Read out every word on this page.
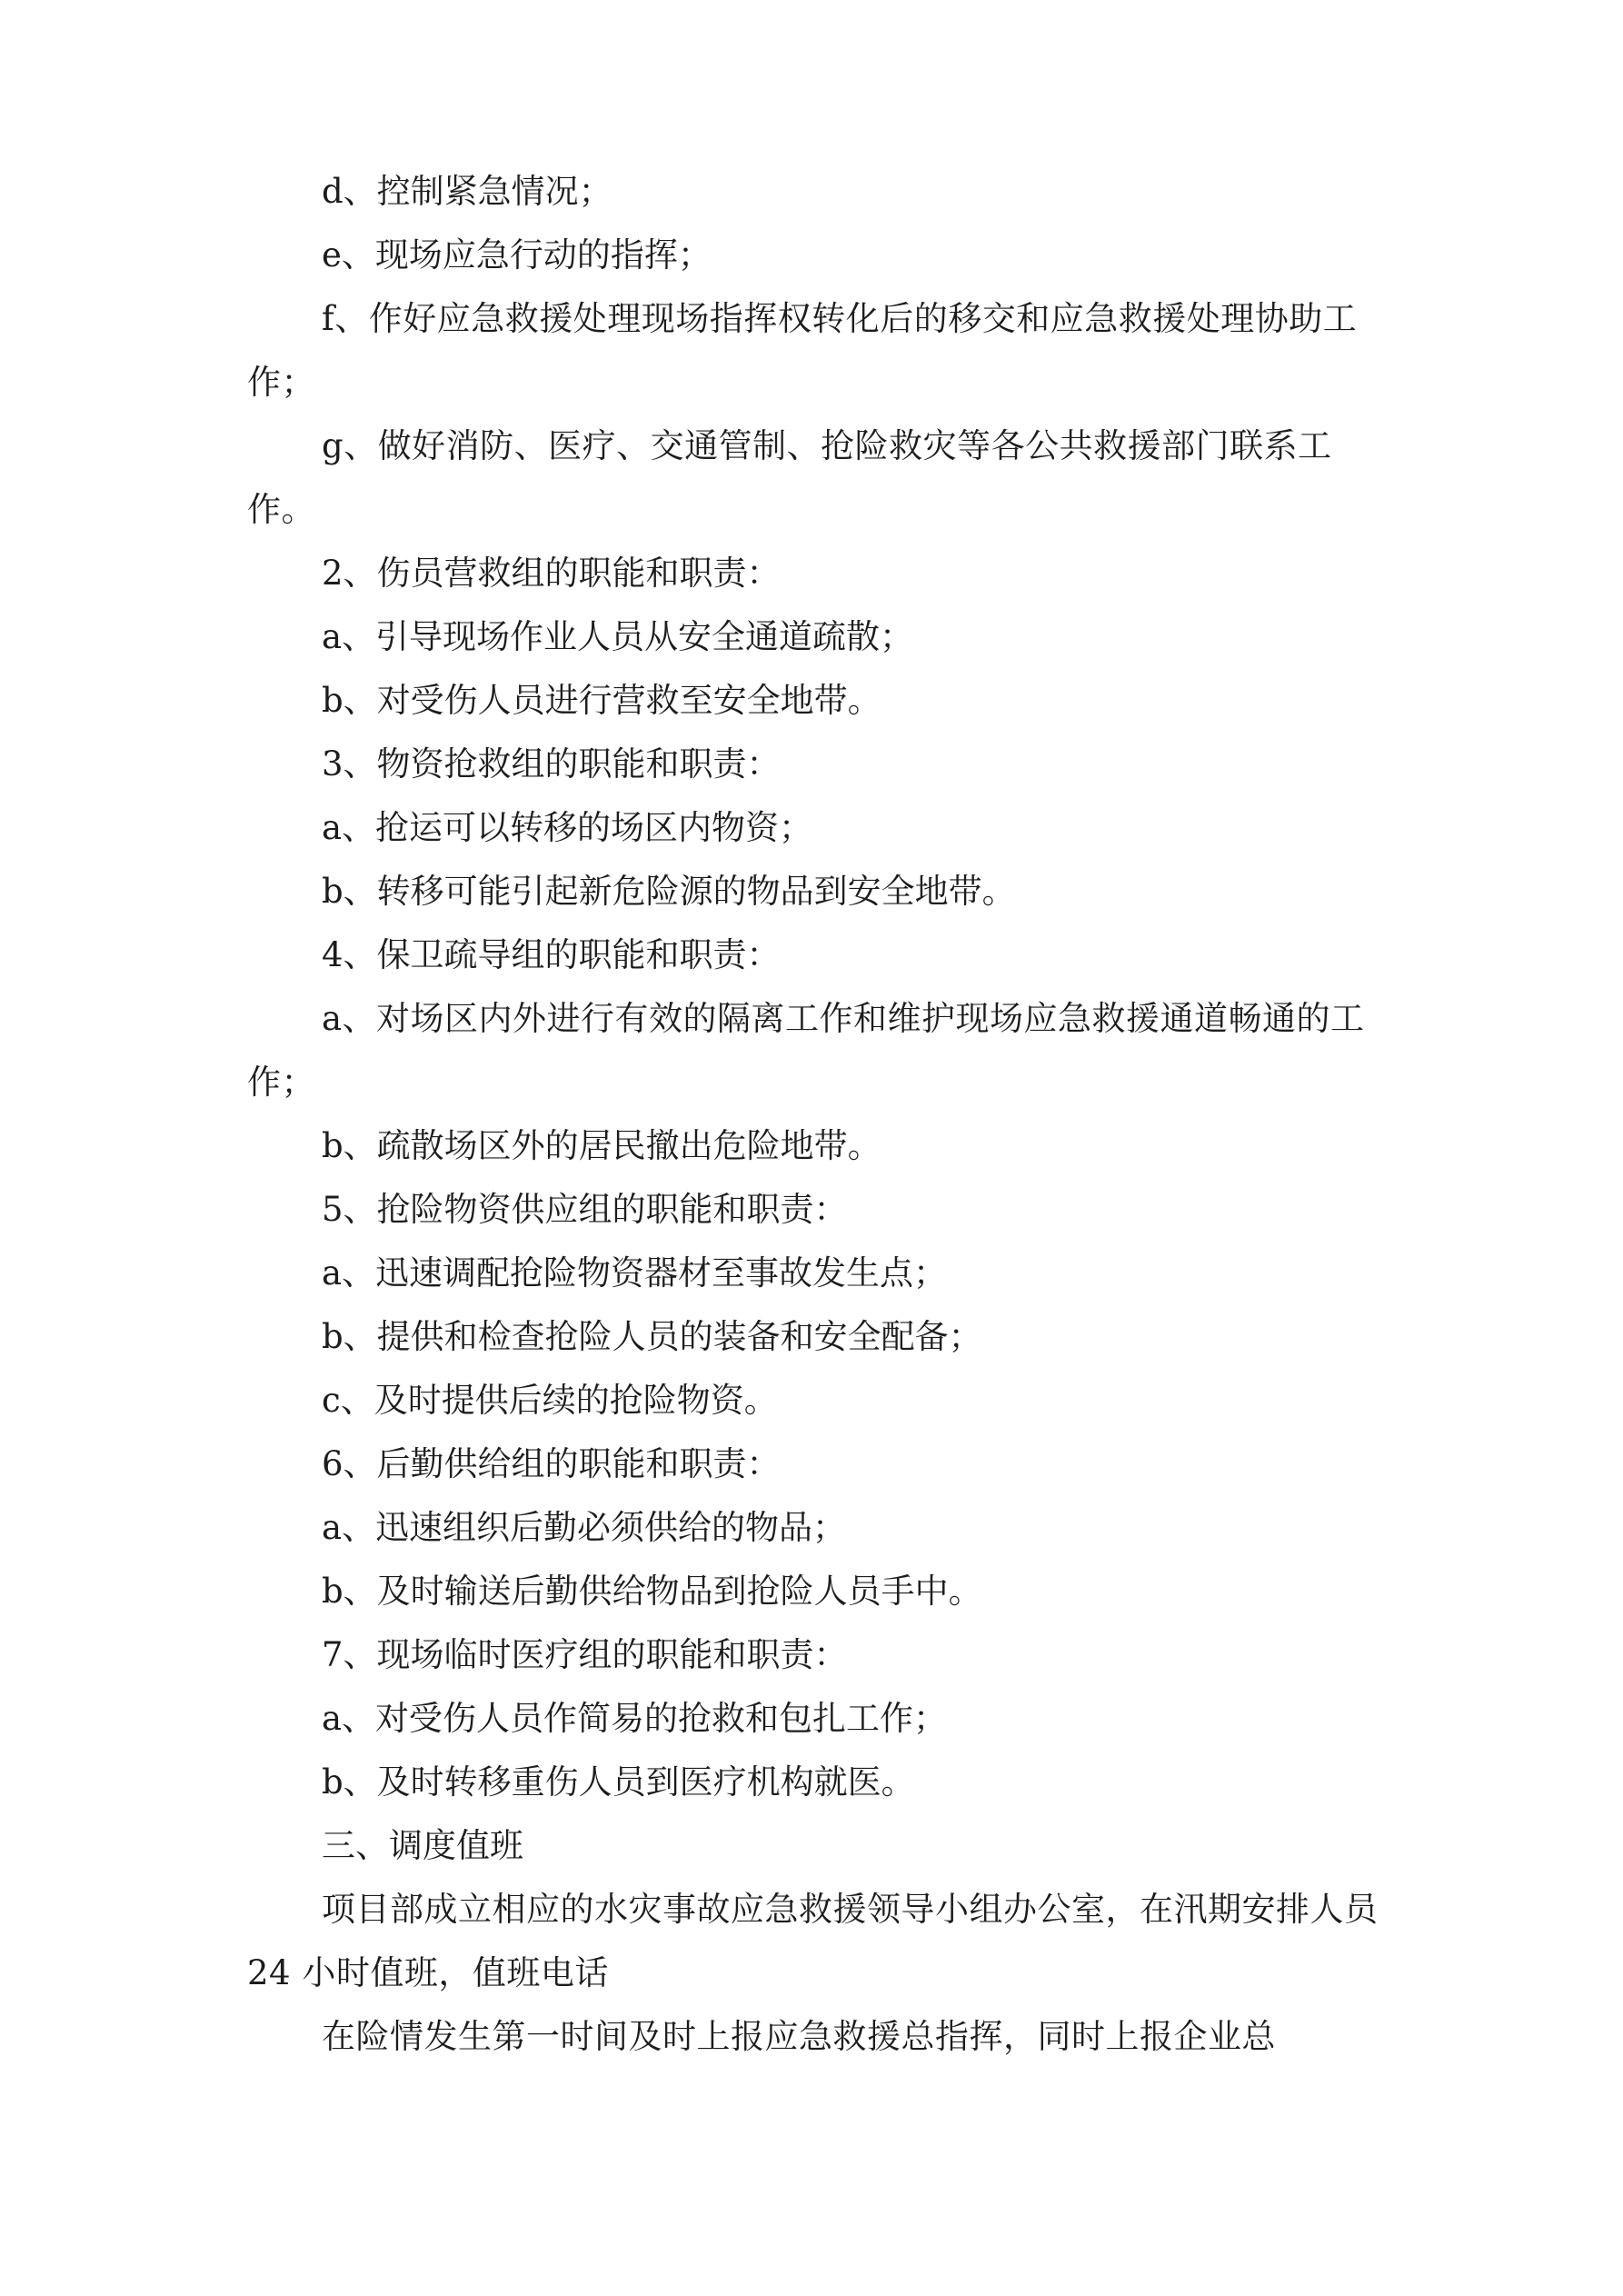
d、控制紧急情况；

e、现场应急行动的指挥；

f、作好应急救援处理现场指挥权转化后的移交和应急救援处理协助工作；

g、做好消防、医疗、交通管制、抢险救灾等各公共救援部门联系工作。

2、伤员营救组的职能和职责：

a、引导现场作业人员从安全通道疏散；

b、对受伤人员进行营救至安全地带。

3、物资抢救组的职能和职责：

a、抢运可以转移的场区内物资；

b、转移可能引起新危险源的物品到安全地带。

4、保卫疏导组的职能和职责：

a、对场区内外进行有效的隔离工作和维护现场应急救援通道畅通的工作；

b、疏散场区外的居民撤出危险地带。

5、抢险物资供应组的职能和职责：

a、迅速调配抢险物资器材至事故发生点；

b、提供和检查抢险人员的装备和安全配备；

c、及时提供后续的抢险物资。

6、后勤供给组的职能和职责：

a、迅速组织后勤必须供给的物品；

b、及时输送后勤供给物品到抢险人员手中。

7、现场临时医疗组的职能和职责：

a、对受伤人员作简易的抢救和包扎工作；

b、及时转移重伤人员到医疗机构就医。

三、调度值班

项目部成立相应的水灾事故应急救援领导小组办公室，在汛期安排人员 24 小时值班，值班电话

在险情发生第一时间及时上报应急救援总指挥，同时上报企业总
